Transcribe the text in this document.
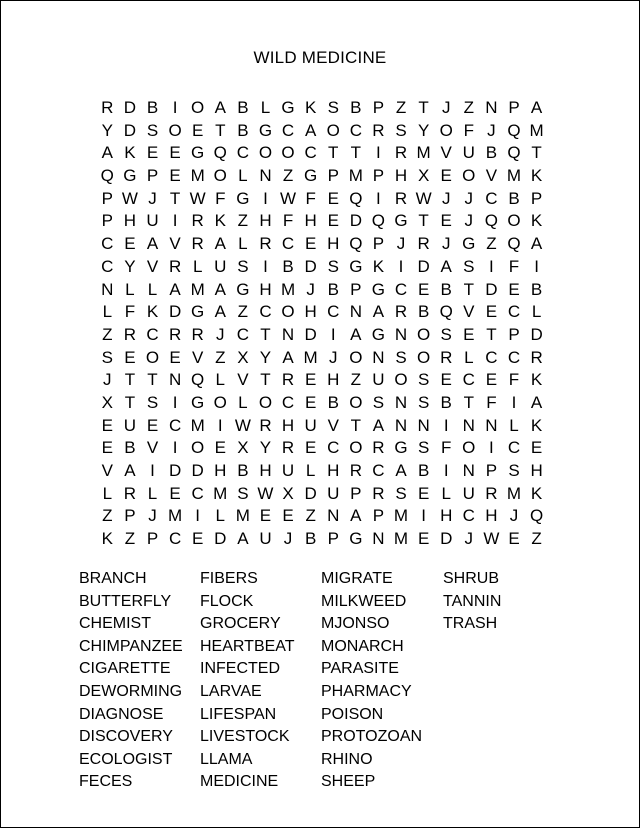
WILD MEDICINE
R D B I O A B L G K S B P Z T J Z N P A
Y D S O E T B G C A O C R S Y O F J Q M
A K E E G Q C O O C T T I R M V U B Q T
Q G P E M O L N Z G P M P H X E O V M K
P W J T W F G I W F E Q I R W J J C B P
P H U I R K Z H F H E D Q G T E J Q O K
C E A V R A L R C E H Q P J R J G Z Q A
C Y V R L U S I B D S G K I D A S I F I
N L L A M A G H M J B P G C E B T D E B
L F K D G A Z C O H C N A R B Q V E C L
Z R C R R J C T N D I A G N O S E T P D
S E O E V Z X Y A M J O N S O R L C C R
J T T N Q L V T R E H Z U O S E C E F K
X T S I G O L O C E B O S N S B T F I A
E U E C M I W R H U V T A N N I N N L K
E B V I O E X Y R E C O R G S F O I C E
V A I D D H B H U L H R C A B I N P S H
L R L E C M S W X D U P R S E L U R M K
Z P J M I L M E E Z N A P M I H C H J Q
K Z P C E D A U J B P G N M E D J W E Z
BRANCH
BUTTERFLY
CHEMIST
CHIMPANZEE
CIGARETTE
DEWORMING
DIAGNOSE
DISCOVERY
ECOLOGIST
FECES
FIBERS
FLOCK
GROCERY
HEARTBEAT
INFECTED
LARVAE
LIFESPAN
LIVESTOCK
LLAMA
MEDICINE
MIGRATE
MILKWEED
MJONSO
MONARCH
PARASITE
PHARMACY
POISON
PROTOZOAN
RHINO
SHEEP
SHRUB
TANNIN
TRASH
